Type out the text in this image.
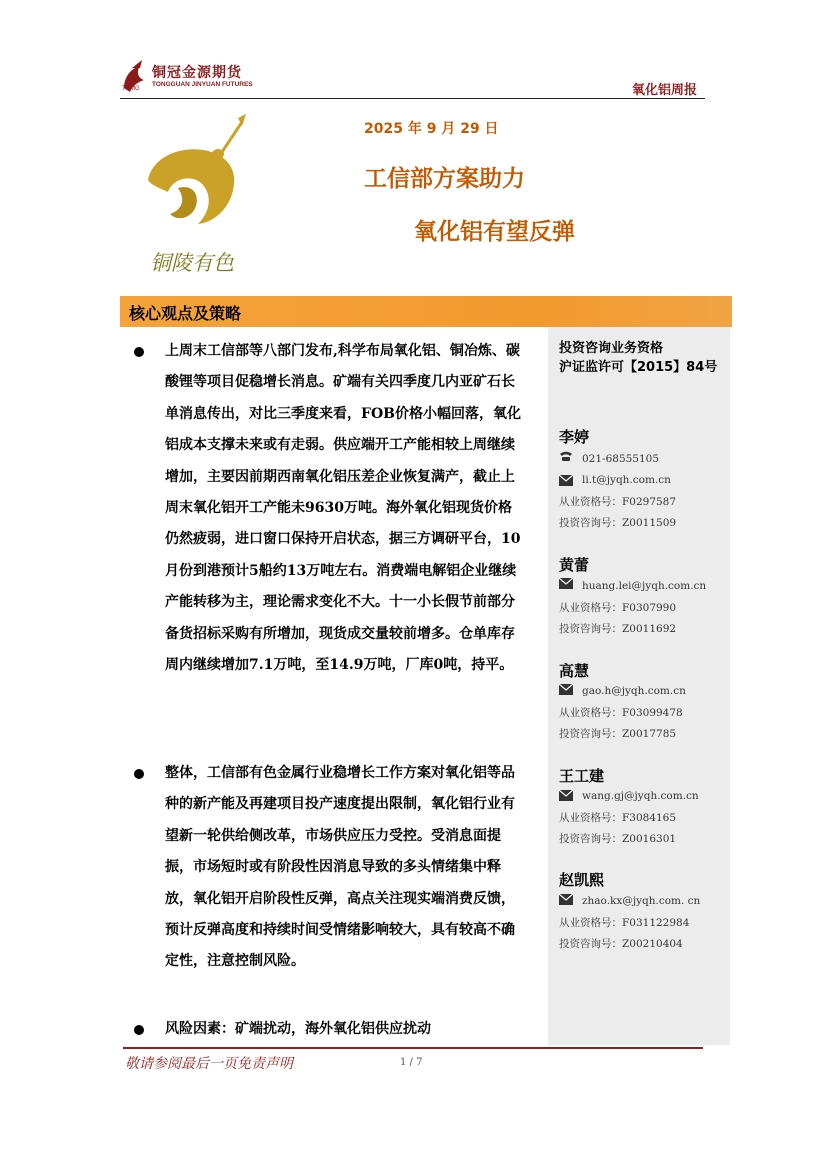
铜冠金源期货
TONGGUAN JINYUAN FUTURES
TNMG	氧化铝周报
铜陵有色
2025 年 9 月 29 日
工信部方案助力
氧化铝有望反弹
核心观点及策略
投资咨询业务资格
沪证监许可【2015】84号
李婷
021-68555105
li.t@jyqh.com.cn
从业资格号：F0297587
投资咨询号：Z0011509
黄蕾
huang.lei@jyqh.com.cn
从业资格号：F0307990
投资咨询号：Z0011692
高慧
gao.h@jyqh.com.cn
从业资格号：F03099478
投资咨询号：Z0017785
王工建
wang.gj@jyqh.com.cn
从业资格号：F3084165
投资咨询号：Z0016301
赵凯熙
zhao.kx@jyqh.com. cn
从业资格号：F031122984
投资咨询号：Z00210404
上周末工信部等八部门发布,科学布局氧化铝、铜冶炼、碳酸锂等项目促稳增长消息。矿端有关四季度几内亚矿石长单消息传出，对比三季度来看，FOB价格小幅回落，氧化铝成本支撑未来或有走弱。供应端开工产能相较上周继续增加，主要因前期西南氧化铝压差企业恢复满产，截止上周末氧化铝开工产能未9630万吨。海外氧化铝现货价格仍然疲弱，进口窗口保持开启状态，据三方调研平台，10月份到港预计5船约13万吨左右。消费端电解铝企业继续产能转移为主，理论需求变化不大。十一小长假节前部分备货招标采购有所增加，现货成交量较前增多。仓单库存周内继续增加7.1万吨，至14.9万吨，厂库0吨，持平。
整体，工信部有色金属行业稳增长工作方案对氧化铝等品种的新产能及再建项目投产速度提出限制，氧化铝行业有望新一轮供给侧改革，市场供应压力受控。受消息面提振，市场短时或有阶段性因消息导致的多头情绪集中释放，氧化铝开启阶段性反弹，高点关注现实端消费反馈，预计反弹高度和持续时间受情绪影响较大，具有较高不确定性，注意控制风险。
风险因素：矿端扰动，海外氧化铝供应扰动
敬请参阅最后一页免责声明	1 / 7
